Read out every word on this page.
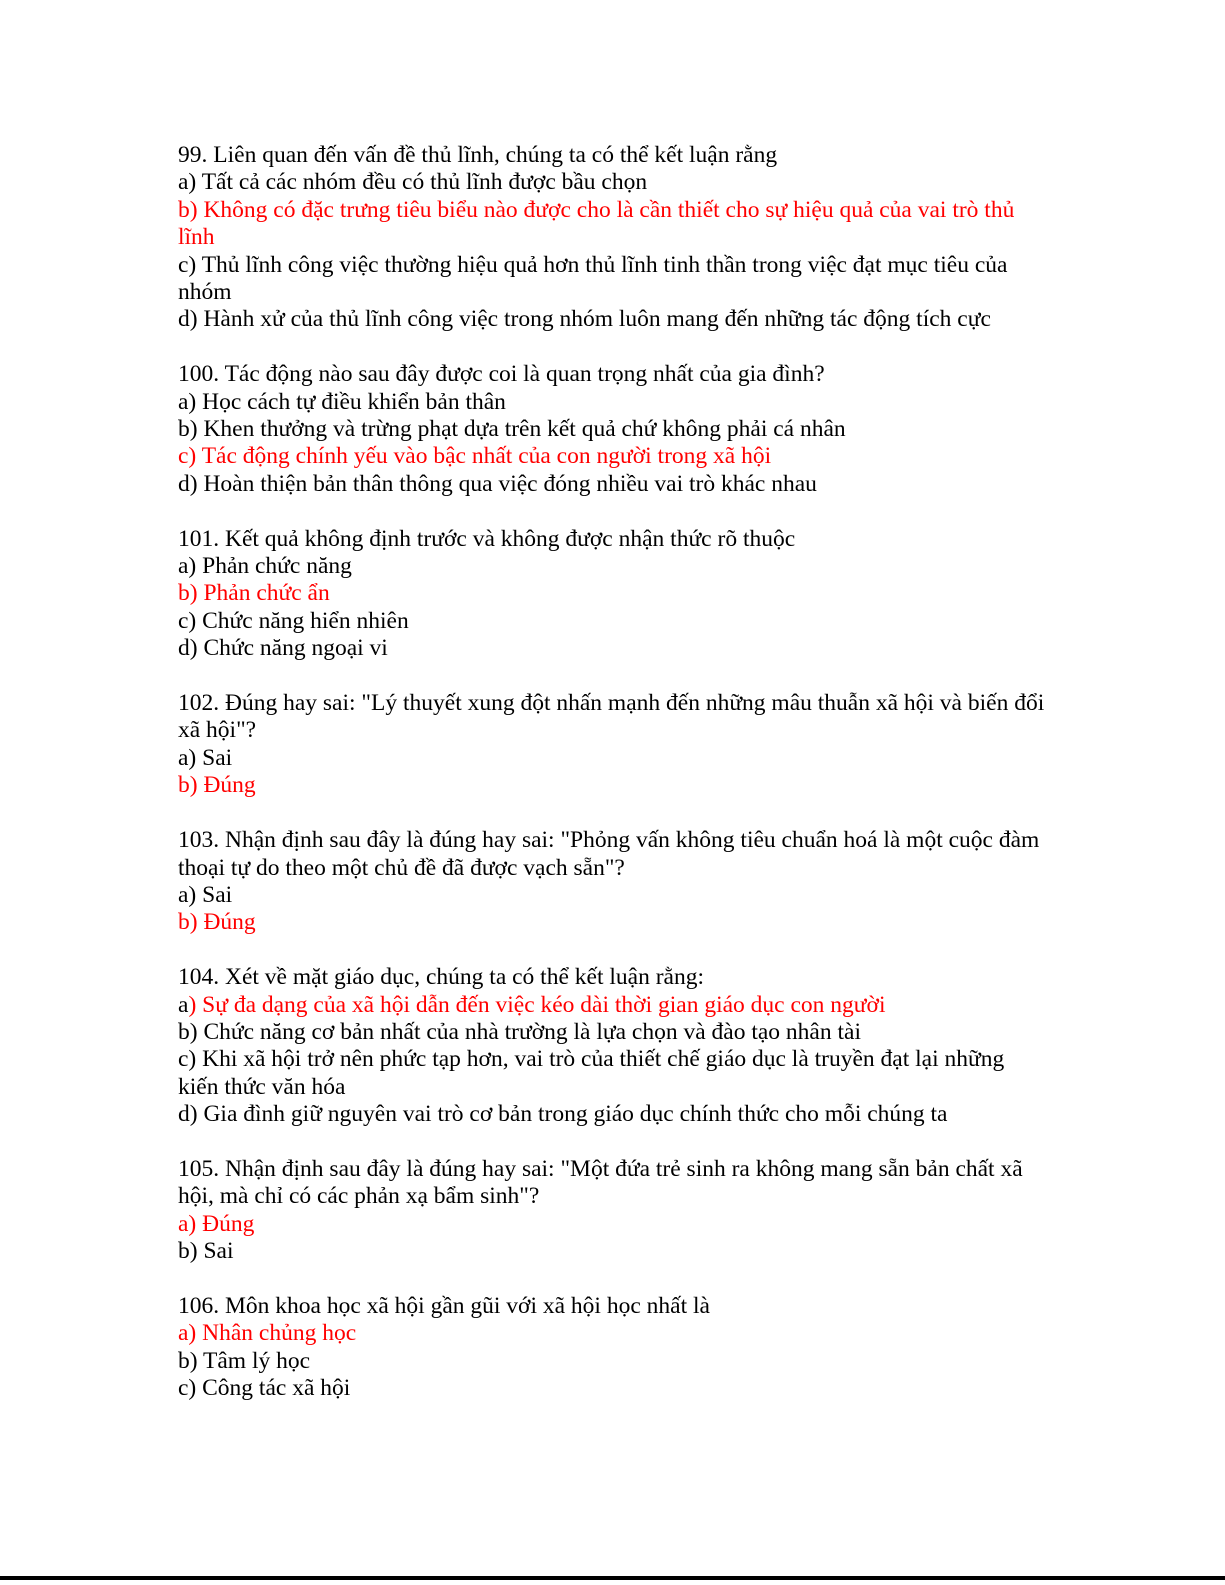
99. Liên quan đến vấn đề thủ lĩnh, chúng ta có thể kết luận rằng
a) Tất cả các nhóm đều có thủ lĩnh được bầu chọn
b) Không có đặc trưng tiêu biểu nào được cho là cần thiết cho sự hiệu quả của vai trò thủ lĩnh
c) Thủ lĩnh công việc thường hiệu quả hơn thủ lĩnh tinh thần trong việc đạt mục tiêu của nhóm
d) Hành xử của thủ lĩnh công việc trong nhóm luôn mang đến những tác động tích cực
100. Tác động nào sau đây được coi là quan trọng nhất của gia đình?
a) Học cách tự điều khiển bản thân
b) Khen thưởng và trừng phạt dựa trên kết quả chứ không phải cá nhân
c) Tác động chính yếu vào bậc nhất của con người trong xã hội
d) Hoàn thiện bản thân thông qua việc đóng nhiều vai trò khác nhau
101. Kết quả không định trước và không được nhận thức rõ thuộc
a) Phản chức năng
b) Phản chức ẩn
c) Chức năng hiển nhiên
d) Chức năng ngoại vi
102. Đúng hay sai: "Lý thuyết xung đột nhấn mạnh đến những mâu thuẫn xã hội và biến đổi xã hội"?
a) Sai
b) Đúng
103. Nhận định sau đây là đúng hay sai: "Phỏng vấn không tiêu chuẩn hoá là một cuộc đàm thoại tự do theo một chủ đề đã được vạch sẵn"?
a) Sai
b) Đúng
104. Xét về mặt giáo dục, chúng ta có thể kết luận rằng:
a) Sự đa dạng của xã hội dẫn đến việc kéo dài thời gian giáo dục con người
b) Chức năng cơ bản nhất của nhà trường là lựa chọn và đào tạo nhân tài
c) Khi xã hội trở nên phức tạp hơn, vai trò của thiết chế giáo dục là truyền đạt lại những kiến thức văn hóa
d) Gia đình giữ nguyên vai trò cơ bản trong giáo dục chính thức cho mỗi chúng ta
105. Nhận định sau đây là đúng hay sai: "Một đứa trẻ sinh ra không mang sẵn bản chất xã hội, mà chỉ có các phản xạ bẩm sinh"?
a) Đúng
b) Sai
106. Môn khoa học xã hội gần gũi với xã hội học nhất là
a) Nhân chủng học
b) Tâm lý học
c) Công tác xã hội
